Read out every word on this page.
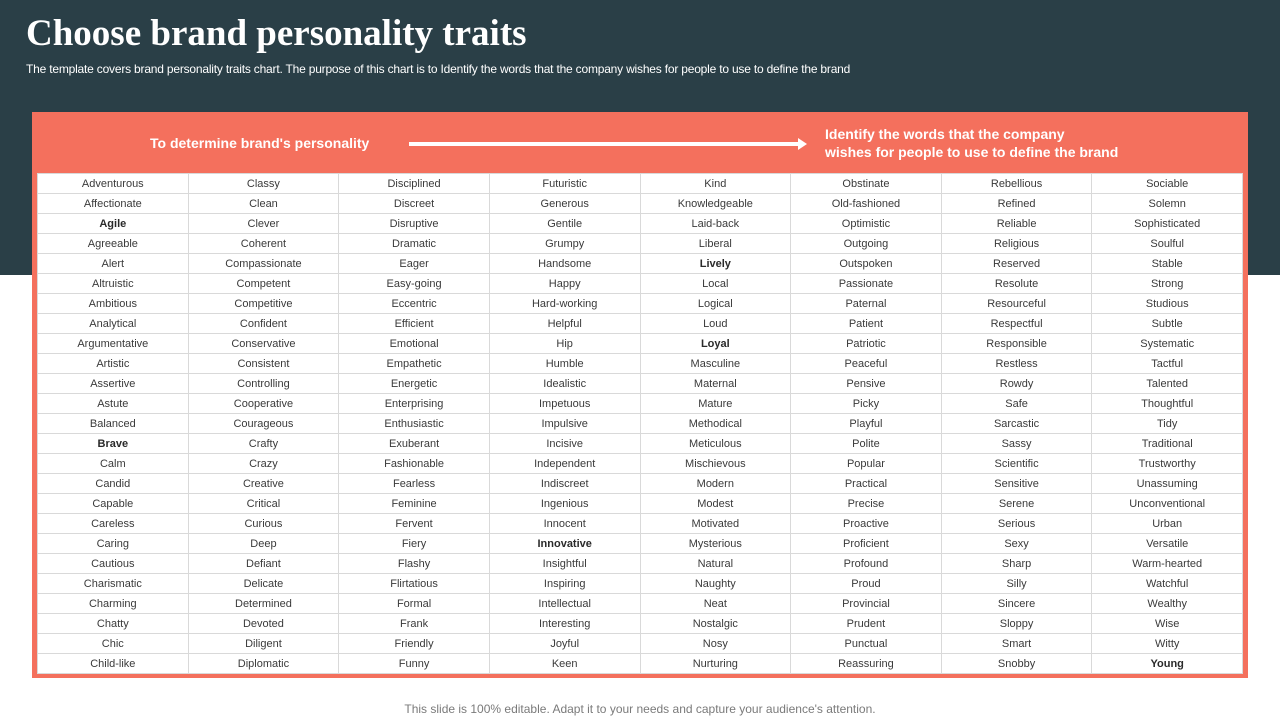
Choose brand personality traits
The template covers brand personality traits chart. The purpose of this chart is to Identify the words that the company wishes for people to use to define the brand
To determine brand's personality
Identify the words that the company
wishes for people to use to define the brand
Adventurous	Classy	Disciplined	Futuristic	Kind	Obstinate	Rebellious	Sociable
Affectionate	Clean	Discreet	Generous	Knowledgeable	Old-fashioned	Refined	Solemn
Agile	Clever	Disruptive	Gentile	Laid-back	Optimistic	Reliable	Sophisticated
Agreeable	Coherent	Dramatic	Grumpy	Liberal	Outgoing	Religious	Soulful
Alert	Compassionate	Eager	Handsome	Lively	Outspoken	Reserved	Stable
Altruistic	Competent	Easy-going	Happy	Local	Passionate	Resolute	Strong
Ambitious	Competitive	Eccentric	Hard-working	Logical	Paternal	Resourceful	Studious
Analytical	Confident	Efficient	Helpful	Loud	Patient	Respectful	Subtle
Argumentative	Conservative	Emotional	Hip	Loyal	Patriotic	Responsible	Systematic
Artistic	Consistent	Empathetic	Humble	Masculine	Peaceful	Restless	Tactful
Assertive	Controlling	Energetic	Idealistic	Maternal	Pensive	Rowdy	Talented
Astute	Cooperative	Enterprising	Impetuous	Mature	Picky	Safe	Thoughtful
Balanced	Courageous	Enthusiastic	Impulsive	Methodical	Playful	Sarcastic	Tidy
Brave	Crafty	Exuberant	Incisive	Meticulous	Polite	Sassy	Traditional
Calm	Crazy	Fashionable	Independent	Mischievous	Popular	Scientific	Trustworthy
Candid	Creative	Fearless	Indiscreet	Modern	Practical	Sensitive	Unassuming
Capable	Critical	Feminine	Ingenious	Modest	Precise	Serene	Unconventional
Careless	Curious	Fervent	Innocent	Motivated	Proactive	Serious	Urban
Caring	Deep	Fiery	Innovative	Mysterious	Proficient	Sexy	Versatile
Cautious	Defiant	Flashy	Insightful	Natural	Profound	Sharp	Warm-hearted
Charismatic	Delicate	Flirtatious	Inspiring	Naughty	Proud	Silly	Watchful
Charming	Determined	Formal	Intellectual	Neat	Provincial	Sincere	Wealthy
Chatty	Devoted	Frank	Interesting	Nostalgic	Prudent	Sloppy	Wise
Chic	Diligent	Friendly	Joyful	Nosy	Punctual	Smart	Witty
Child-like	Diplomatic	Funny	Keen	Nurturing	Reassuring	Snobby	Young
This slide is 100% editable. Adapt it to your needs and capture your audience's attention.
